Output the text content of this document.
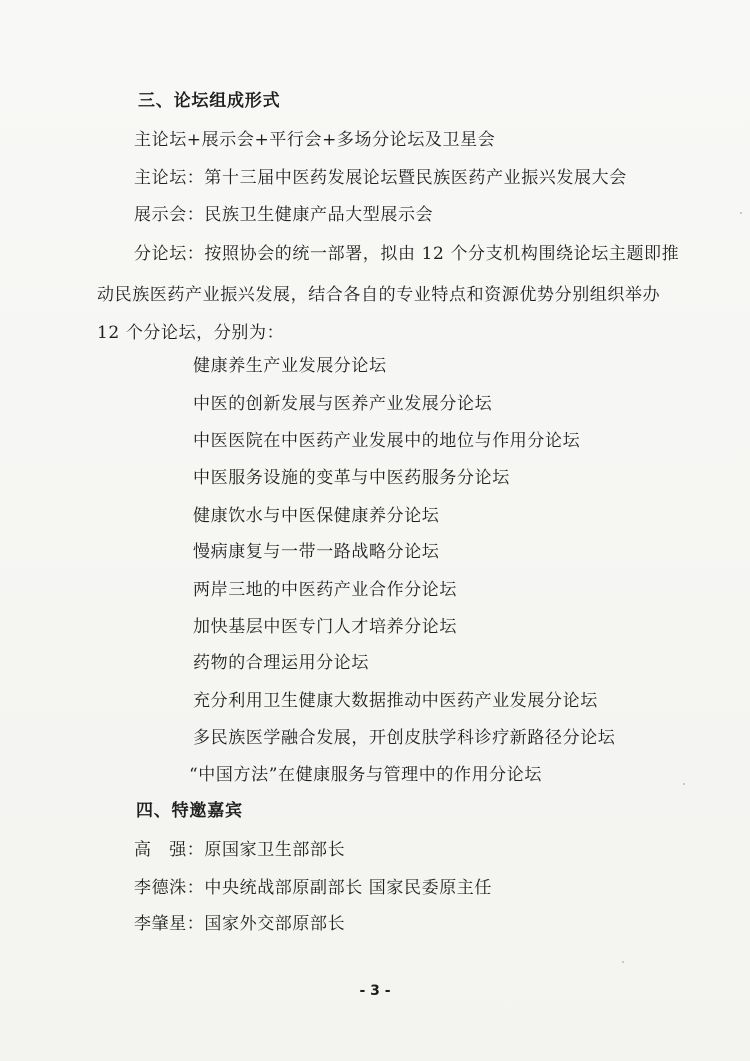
三、论坛组成形式
主论坛+展示会+平行会+多场分论坛及卫星会
主论坛：第十三届中医药发展论坛暨民族医药产业振兴发展大会
展示会：民族卫生健康产品大型展示会
分论坛：按照协会的统一部署，拟由 12 个分支机构围绕论坛主题即推
动民族医药产业振兴发展，结合各自的专业特点和资源优势分别组织举办
12 个分论坛，分别为：
健康养生产业发展分论坛
中医的创新发展与医养产业发展分论坛
中医医院在中医药产业发展中的地位与作用分论坛
中医服务设施的变革与中医药服务分论坛
健康饮水与中医保健康养分论坛
慢病康复与一带一路战略分论坛
两岸三地的中医药产业合作分论坛
加快基层中医专门人才培养分论坛
药物的合理运用分论坛
充分利用卫生健康大数据推动中医药产业发展分论坛
多民族医学融合发展，开创皮肤学科诊疗新路径分论坛
“中国方法”在健康服务与管理中的作用分论坛
四、特邀嘉宾
高　强：原国家卫生部部长
李德洙：中央统战部原副部长 国家民委原主任
李肇星：国家外交部原部长
- 3 -
